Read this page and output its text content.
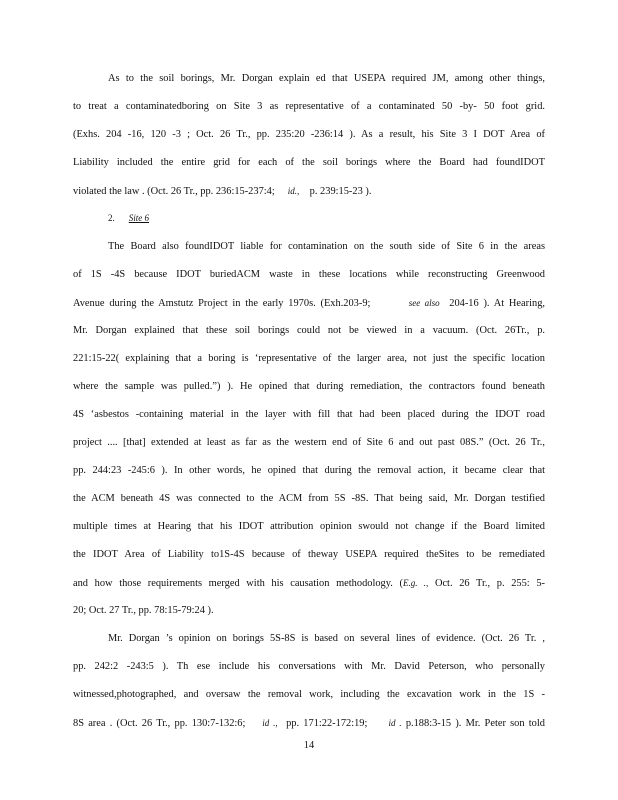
As to the soil borings, Mr. Dorgan explain ed that USEPA required JM, among other things,
to treat a contaminatedboring on Site 3 as representative of a contaminated 50 -by- 50 foot grid.
(Exhs. 204 -16, 120 -3 ; Oct. 26 Tr., pp. 235:20 -236:14 ). As a result, his Site 3 I DOT Area of
Liability included the entire grid for each of the soil borings where the Board had foundIDOT
violated the law . (Oct. 26 Tr., pp. 236:15-237:4; id., p. 239:15-23 ).
2. Site 6
The Board also foundIDOT liable for contamination on the south side of Site 6 in the areas
of 1S -4S because IDOT buriedACM waste in these locations while reconstructing Greenwood
Avenue during the Amstutz Project in the early 1970s. (Exh.203-9;	see also 204-16 ). At Hearing,
Mr. Dorgan explained that these soil borings could not be viewed in a vacuum. (Oct. 26Tr., p.
221:15-22( explaining that a boring is ‘representative of the larger area, not just the specific location
where the sample was pulled.”) ). He opined that during remediation, the contractors found beneath
4S ‘asbestos -containing material in the layer with fill that had been placed during the IDOT road
project .... [that] extended at least as far as the western end of Site 6 and out past 08S.” (Oct. 26 Tr.,
pp. 244:23 -245:6 ). In other words, he opined that during the removal action, it became clear that
the ACM beneath 4S was connected to the ACM from 5S -8S. That being said, Mr. Dorgan testified
multiple times at Hearing that his IDOT attribution opinion swould not change if the Board limited
the IDOT Area of Liability to1S-4S because of theway USEPA required theSites to be remediated
and how those requirements merged with his causation methodology. (E.g. ., Oct. 26 Tr., p. 255: 5-
20; Oct. 27 Tr., pp. 78:15-79:24 ).
Mr. Dorgan ’s opinion on borings 5S-8S is based on several lines of evidence. (Oct. 26 Tr. ,
pp. 242:2 -243:5 ). Th ese include his conversations with Mr. David Peterson, who personally
witnessed,photographed, and oversaw the removal work, including the excavation work in the 1S -
8S area . (Oct. 26 Tr., pp. 130:7-132:6; id ., pp. 171:22-172:19; id . p.188:3-15 ). Mr. Peter son told
14
